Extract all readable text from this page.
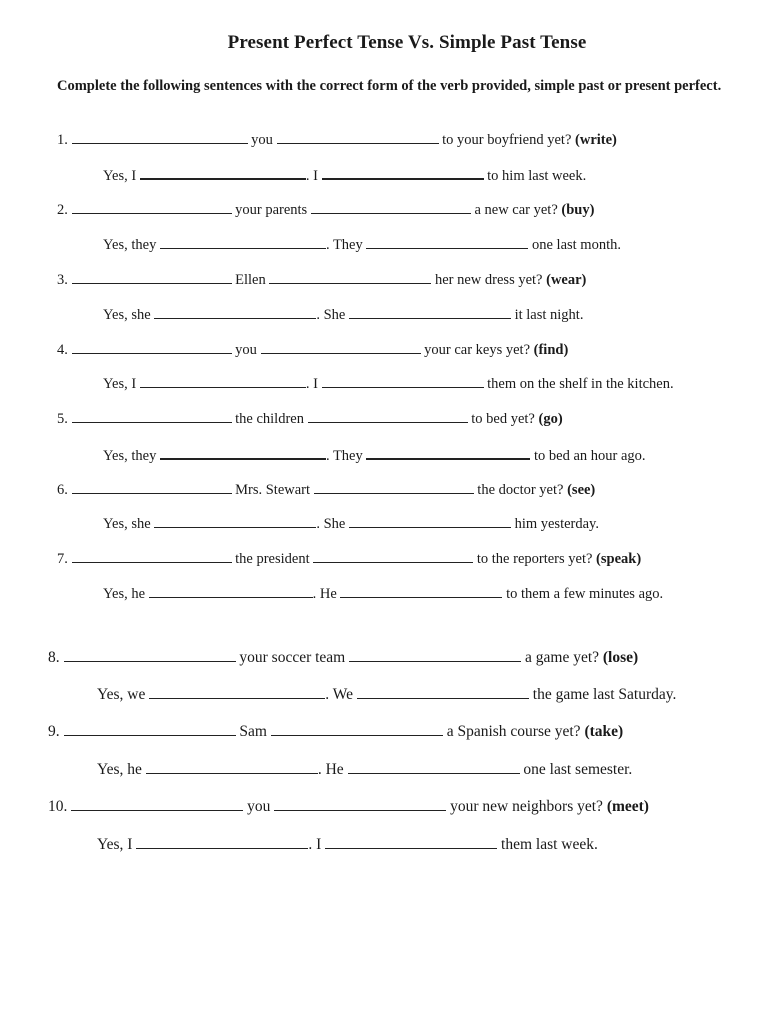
Present Perfect Tense Vs. Simple Past Tense
Complete the following sentences with the correct form of the verb provided, simple past or present perfect.
1.	you	to your boyfriend yet? (write)
Yes, I	. I	to him last week.
2.	your parents	a new car yet? (buy)
Yes, they	. They	one last month.
3.	Ellen	her new dress yet? (wear)
Yes, she	. She	it last night.
4.	you	your car keys yet? (find)
Yes, I	. I	them on the shelf in the kitchen.
5.	the children	to bed yet? (go)
Yes, they	. They	to bed an hour ago.
6.	Mrs. Stewart	the doctor yet? (see)
Yes, she	. She	him yesterday.
7.	the president	to the reporters yet? (speak)
Yes, he	. He	to them a few minutes ago.
8.	your soccer team	a game yet? (lose)
Yes, we	. We	the game last Saturday.
9.	Sam	a Spanish course yet? (take)
Yes, he	. He	one last semester.
10.	you	your new neighbors yet? (meet)
Yes, I	. I	them last week.
